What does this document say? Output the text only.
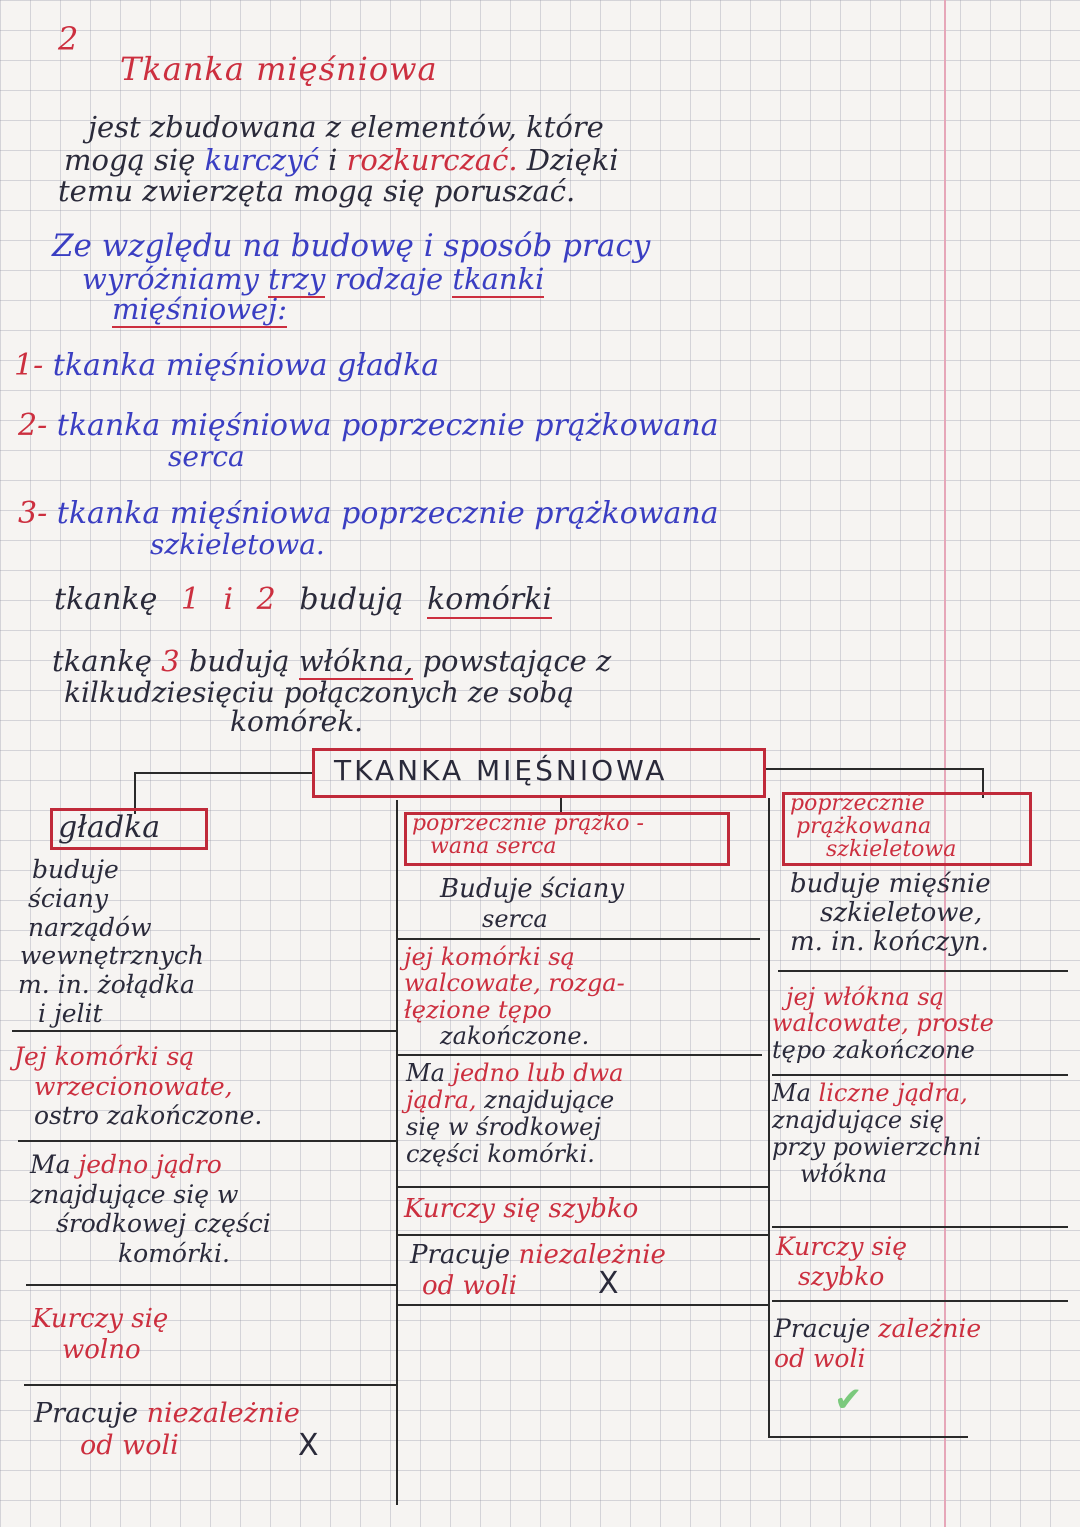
2
Tkanka mięśniowa
jest zbudowana z elementów, które
mogą się kurczyć i rozkurczać. Dzięki
temu zwierzęta mogą się poruszać.
Ze względu na budowę i sposób pracy
wyróżniamy trzy rodzaje tkanki
mięśniowej:
1- tkanka mięśniowa gładka
2- tkanka mięśniowa poprzecznie prążkowana
serca
3- tkanka mięśniowa poprzecznie prążkowana
szkieletowa.
tkankę 1 i 2 budują komórki
tkankę 3 budują włókna, powstające z
kilkudziesięciu połączonych ze sobą
komórek.
TKANKA MIĘŚNIOWA
gładka
buduje
ściany
narządów
wewnętrznych
m. in. żołądka
i jelit
Jej komórki są
wrzecionowate,
ostro zakończone.
Ma jedno jądro
znajdujące się w
środkowej części
komórki.
Kurczy się
wolno
Pracuje niezależnie
od woli	X
poprzecznie prążko -
wana serca
Buduje ściany
serca
jej komórki są
walcowate, rozga-
łęzione tępo
zakończone.
Ma jedno lub dwa
jądra, znajdujące
się w środkowej
części komórki.
Kurczy się szybko
Pracuje niezależnie
od woli	X
poprzecznie
prążkowana
szkieletowa
buduje mięśnie
szkieletowe,
m. in. kończyn.
jej włókna są
walcowate, proste
tępo zakończone
Ma liczne jądra,
znajdujące się
przy powierzchni
włókna
Kurczy się
szybko
Pracuje zależnie
od woli
✔
